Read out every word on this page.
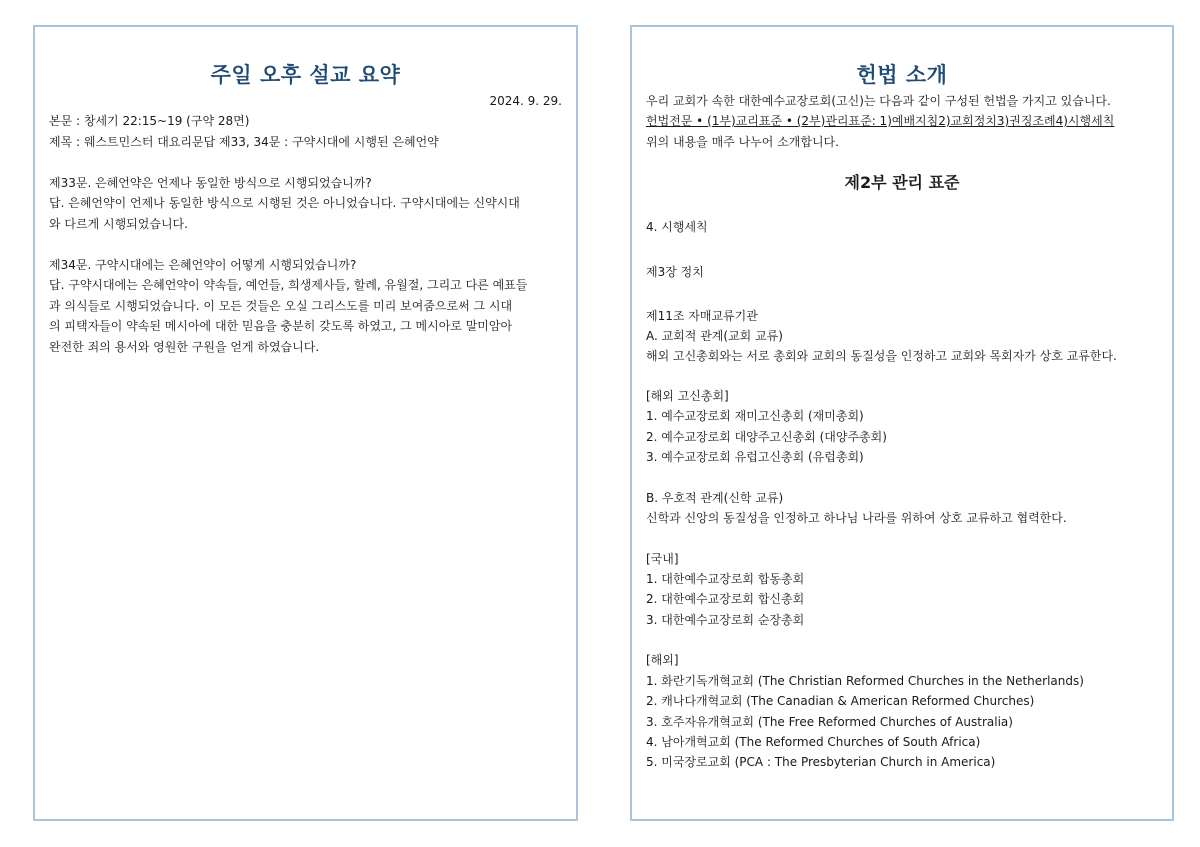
주일 오후 설교 요약
2024. 9. 29.
본문 : 창세기 22:15~19 (구약 28면)
제목 : 웨스트민스터 대요리문답 제33, 34문 : 구약시대에 시행된 은혜언약
제33문. 은혜언약은 언제나 동일한 방식으로 시행되었습니까?
답. 은혜언약이 언제나 동일한 방식으로 시행된 것은 아니었습니다. 구약시대에는 신약시대
와 다르게 시행되었습니다.
제34문. 구약시대에는 은혜언약이 어떻게 시행되었습니까?
답. 구약시대에는 은혜언약이 약속들, 예언들, 희생제사들, 할례, 유월절, 그리고 다른 예표들
과 의식들로 시행되었습니다. 이 모든 것들은 오실 그리스도를 미리 보여줌으로써 그 시대
의 피택자들이 약속된 메시아에 대한 믿음을 충분히 갖도록 하였고, 그 메시아로 말미암아
완전한 죄의 용서와 영원한 구원을 얻게 하였습니다.
헌법 소개
우리 교회가 속한 대한예수교장로회(고신)는 다음과 같이 구성된 헌법을 가지고 있습니다.
헌법전문 • (1부)교리표준 • (2부)관리표준: 1)예배지침2)교회정치3)권징조례4)시행세칙
위의 내용을 매주 나누어 소개합니다.
제2부 관리 표준
4. 시행세칙
제3장 정치
제11조 자매교류기관
A. 교회적 관계(교회 교류)
해외 고신총회와는 서로 총회와 교회의 동질성을 인정하고 교회와 목회자가 상호 교류한다.
[해외 고신총회]
1. 예수교장로회 재미고신총회 (재미총회)
2. 예수교장로회 대양주고신총회 (대양주총회)
3. 예수교장로회 유럽고신총회 (유럽총회)
B. 우호적 관계(신학 교류)
신학과 신앙의 동질성을 인정하고 하나님 나라를 위하여 상호 교류하고 협력한다.
[국내]
1. 대한예수교장로회 합동총회
2. 대한예수교장로회 합신총회
3. 대한예수교장로회 순장총회
[해외]
1. 화란기독개혁교회 (The Christian Reformed Churches in the Netherlands)
2. 캐나다개혁교회 (The Canadian & American Reformed Churches)
3. 호주자유개혁교회 (The Free Reformed Churches of Australia)
4. 남아개혁교회 (The Reformed Churches of South Africa)
5. 미국장로교회 (PCA : The Presbyterian Church in America)
